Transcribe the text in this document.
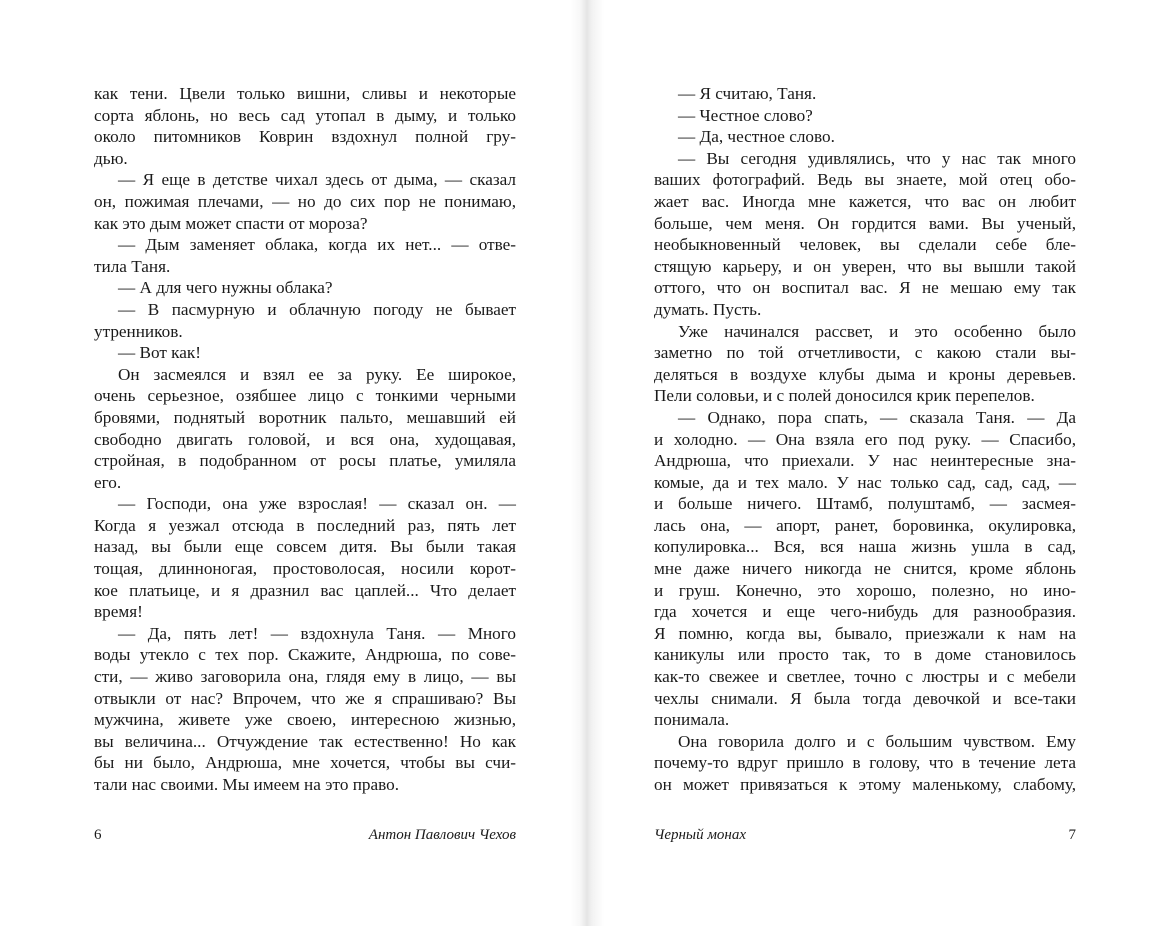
как тени. Цвели только вишни, сливы и некоторые
сорта яблонь, но весь сад утопал в дыму, и только
около питомников Коврин вздохнул полной гру-
дью.
— Я еще в детстве чихал здесь от дыма, — сказал
он, пожимая плечами, — но до сих пор не понимаю,
как это дым может спасти от мороза?
— Дым заменяет облака, когда их нет... — отве-
тила Таня.
— А для чего нужны облака?
— В пасмурную и облачную погоду не бывает
утренников.
— Вот как!
Он засмеялся и взял ее за руку. Ее широкое,
очень серьезное, озябшее лицо с тонкими черными
бровями, поднятый воротник пальто, мешавший ей
свободно двигать головой, и вся она, худощавая,
стройная, в подобранном от росы платье, умиляла
его.
— Господи, она уже взрослая! — сказал он. —
Когда я уезжал отсюда в последний раз, пять лет
назад, вы были еще совсем дитя. Вы были такая
тощая, длинноногая, простоволосая, носили корот-
кое платьице, и я дразнил вас цаплей... Что делает
время!
— Да, пять лет! — вздохнула Таня. — Много
воды утекло с тех пор. Скажите, Андрюша, по сове-
сти, — живо заговорила она, глядя ему в лицо, — вы
отвыкли от нас? Впрочем, что же я спрашиваю? Вы
мужчина, живете уже своею, интересною жизнью,
вы величина... Отчуждение так естественно! Но как
бы ни было, Андрюша, мне хочется, чтобы вы счи-
тали нас своими. Мы имеем на это право.
6	Антон Павлович Чехов
— Я считаю, Таня.
— Честное слово?
— Да, честное слово.
— Вы сегодня удивлялись, что у нас так много
ваших фотографий. Ведь вы знаете, мой отец обо-
жает вас. Иногда мне кажется, что вас он любит
больше, чем меня. Он гордится вами. Вы ученый,
необыкновенный человек, вы сделали себе бле-
стящую карьеру, и он уверен, что вы вышли такой
оттого, что он воспитал вас. Я не мешаю ему так
думать. Пусть.
Уже начинался рассвет, и это особенно было
заметно по той отчетливости, с какою стали вы-
деляться в воздухе клубы дыма и кроны деревьев.
Пели соловьи, и с полей доносился крик перепелов.
— Однако, пора спать, — сказала Таня. — Да
и холодно. — Она взяла его под руку. — Спасибо,
Андрюша, что приехали. У нас неинтересные зна-
комые, да и тех мало. У нас только сад, сад, сад, —
и больше ничего. Штамб, полуштамб, — засмея-
лась она, — апорт, ранет, боровинка, окулировка,
копулировка... Вся, вся наша жизнь ушла в сад,
мне даже ничего никогда не снится, кроме яблонь
и груш. Конечно, это хорошо, полезно, но ино-
гда хочется и еще чего-нибудь для разнообразия.
Я помню, когда вы, бывало, приезжали к нам на
каникулы или просто так, то в доме становилось
как-то свежее и светлее, точно с люстры и с мебели
чехлы снимали. Я была тогда девочкой и все-таки
понимала.
Она говорила долго и с большим чувством. Ему
почему-то вдруг пришло в голову, что в течение лета
он может привязаться к этому маленькому, слабому,
Черный монах	7
